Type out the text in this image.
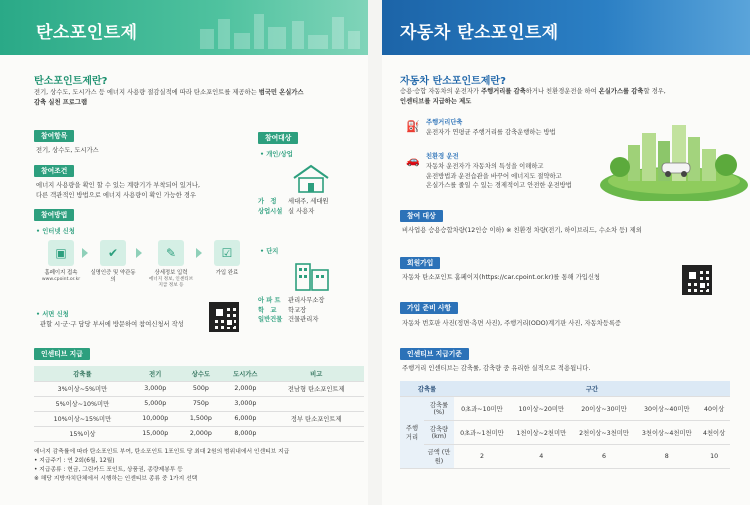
탄소포인트제
탄소포인트제란?
전기, 상수도, 도시가스 등 에너지 사용량 절감실적에 따라 탄소포인트를 제공하는 범국민 온실가스
감축 실천 프로그램
참여항목
전기, 상수도, 도시가스
참여조건
에너지 사용량을 확인 할 수 있는 계량기가 부착되어 있거나,
다른 객관적인 방법으로 에너지 사용량이 확인 가능한 경우
참여방법
• 인터넷 신청
▣
홈페이지 접속
www.cpoint.or.kr
✔
실명인증 및 약관동의
✎
상세정보 입력
에너지 정보, 인센티브 지급 정보 등
☑
가입 완료
• 서면 신청
관할 시·군·구 담당 부서에 방문하여 참여신청서 작성
참여대상
• 개인/상업
가　정 세대주, 세대원
상업시설 실 사용자
• 단지
아 파 트 관리사무소장
학　교 학교장
일반건물 건물관리자
인센티브 지급
감축률	전기	상수도	도시가스	비고
3%이상~5%미만	3,000p	500p	2,000p	전남형 탄소포인트제
5%이상~10%미만	5,000p	750p	3,000p	
10%이상~15%미만	10,000p	1,500p	6,000p	정부 탄소포인트제
15%이상	15,000p	2,000p	8,000p	
에너지 감축률에 따라 탄소포인트 부여, 탄소포인트 1포인트 당 최대 2원의 범위내에서 인센티브 지급
• 지급주기 : 연 2회(6월, 12월)
• 지급종류 : 현금, 그린카드 포인트, 상품권, 종량제봉투 등
※ 해당 지방자치단체에서 시행하는 인센티브 종류 중 1가지 선택
자동차 탄소포인트제
자동차 탄소포인트제란?
승용·승합 자동차의 운전자가 주행거리를 감축하거나 친환경운전을 하여 온실가스를 감축할 경우,
인센티브를 지급하는 제도
⛽ 주행거리단축
운전자가 연평균 주행거리를 감축운행하는 방법
🚗 친환경 운전
자동차 운전자가 자동차의 특성을 이해하고
운전방법과 운전습관을 바꾸어 에너지도 절약하고
온실가스를 줄일 수 있는 경제적이고 안전한 운전방법
참여 대상
비사업용 승용승합차량(12인승 이하) ※ 친환경 차량(전기, 하이브리드, 수소차 등) 제외
회원가입
자동차 탄소포인트 홈페이지(https://car.cpoint.or.kr)를 통해 가입신청
가입 준비 사항
자동차 번호판 사진(정면·측면 사진), 주행거리(ODO)계기판 사진, 자동차등록증
인센티브 지급기준
주행거리 인센티브는 감축률, 감축량 중 유리한 실적으로 적용됩니다.
감축률		구간				
주행 거리	감축률 (%)	0초과~10미만	10이상~20미만	20이상~30미만	30이상~40미만	40이상
	감축량 (km)	0초과~1천미만	1천이상~2천미만	2천이상~3천미만	3천이상~4천미만	4천이상
	금액 (만원)	2	4	6	8	10
